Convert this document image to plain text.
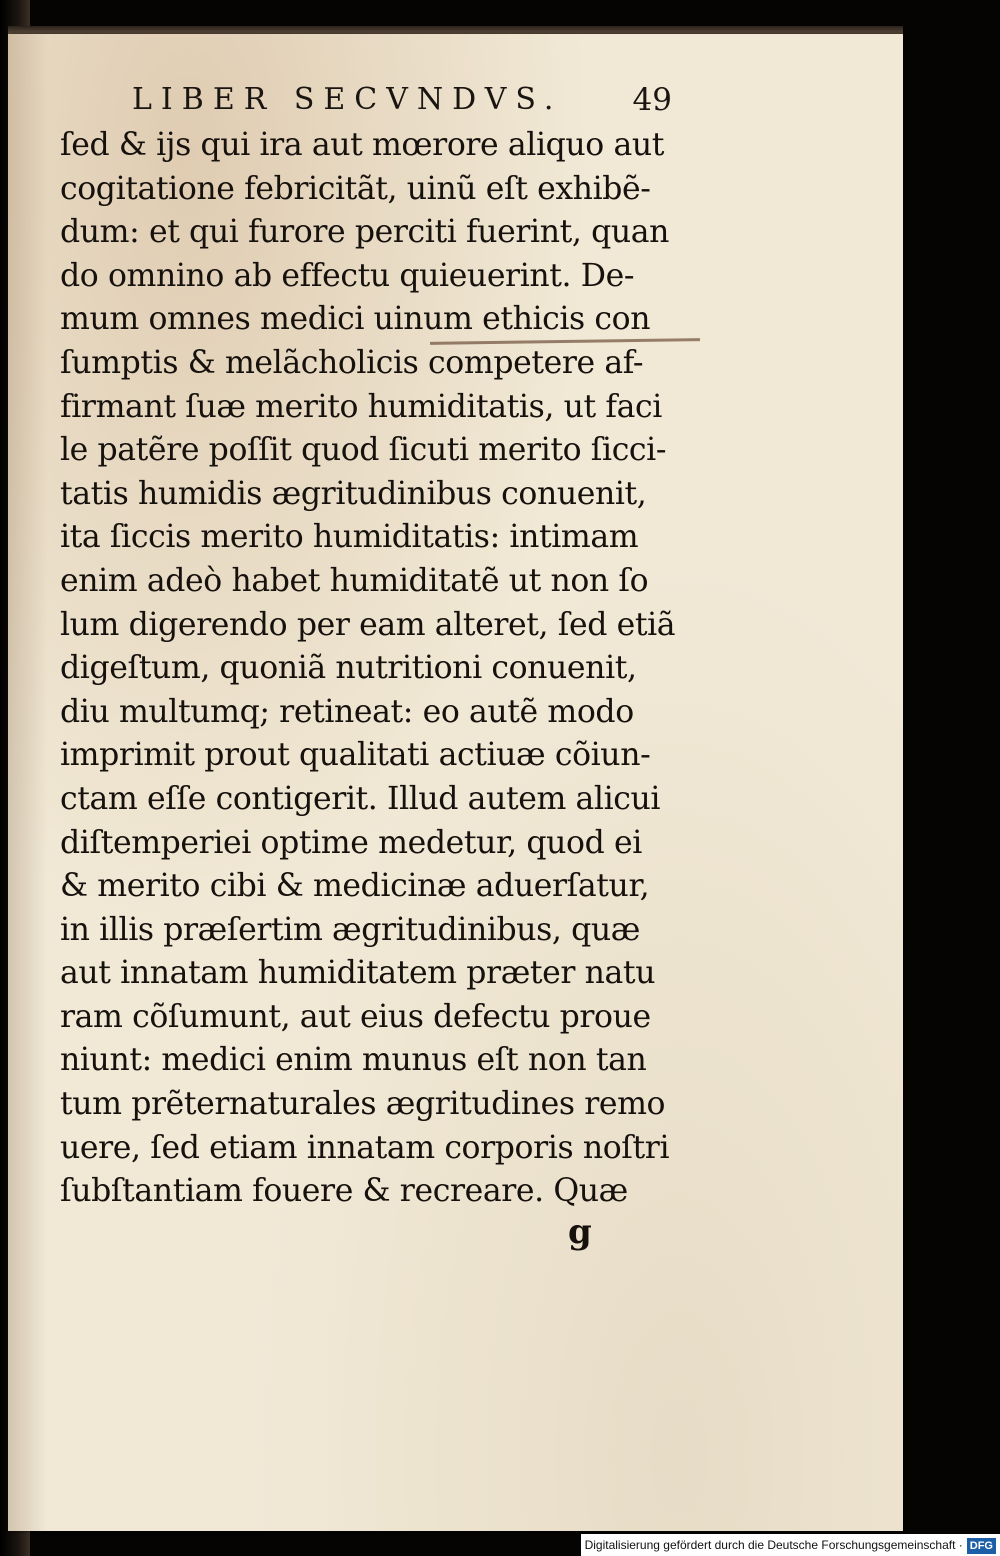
LIBER SECVNDVS. 49
ſed & ijs qui ira aut mœrore aliquo aut
cogitatione febricitãt, uinũ eſt exhibẽ-
dum: et qui furore perciti fuerint, quan
do omnino ab effectu quieuerint. De-
mum omnes medici uinum ethicis con
ſumptis & melãcholicis competere af-
firmant ſuæ merito humiditatis, ut faci
le patẽre poſſit quod ſicuti merito ſicci-
tatis humidis ægritudinibus conuenit,
ita ſiccis merito humiditatis: intimam
enim adeò habet humiditatẽ ut non ſo
lum digerendo per eam alteret, ſed etiã
digeſtum, quoniã nutritioni conuenit,
diu multumq; retineat: eo autẽ modo
imprimit prout qualitati actiuæ cõiun-
ctam eſſe contigerit. Illud autem alicui
diſtemperiei optime medetur, quod ei
& merito cibi & medicinæ aduerſatur,
in illis præſertim ægritudinibus, quæ
aut innatam humiditatem præter natu
ram cõſumunt, aut eius defectu proue
niunt: medici enim munus eſt non tan
tum prẽternaturales ægritudines remo
uere, ſed etiam innatam corporis noſtri
ſubſtantiam fouere & recreare. Quæ
g
Digitalisierung gefördert durch die Deutsche Forschungsgemeinschaft · DFG
